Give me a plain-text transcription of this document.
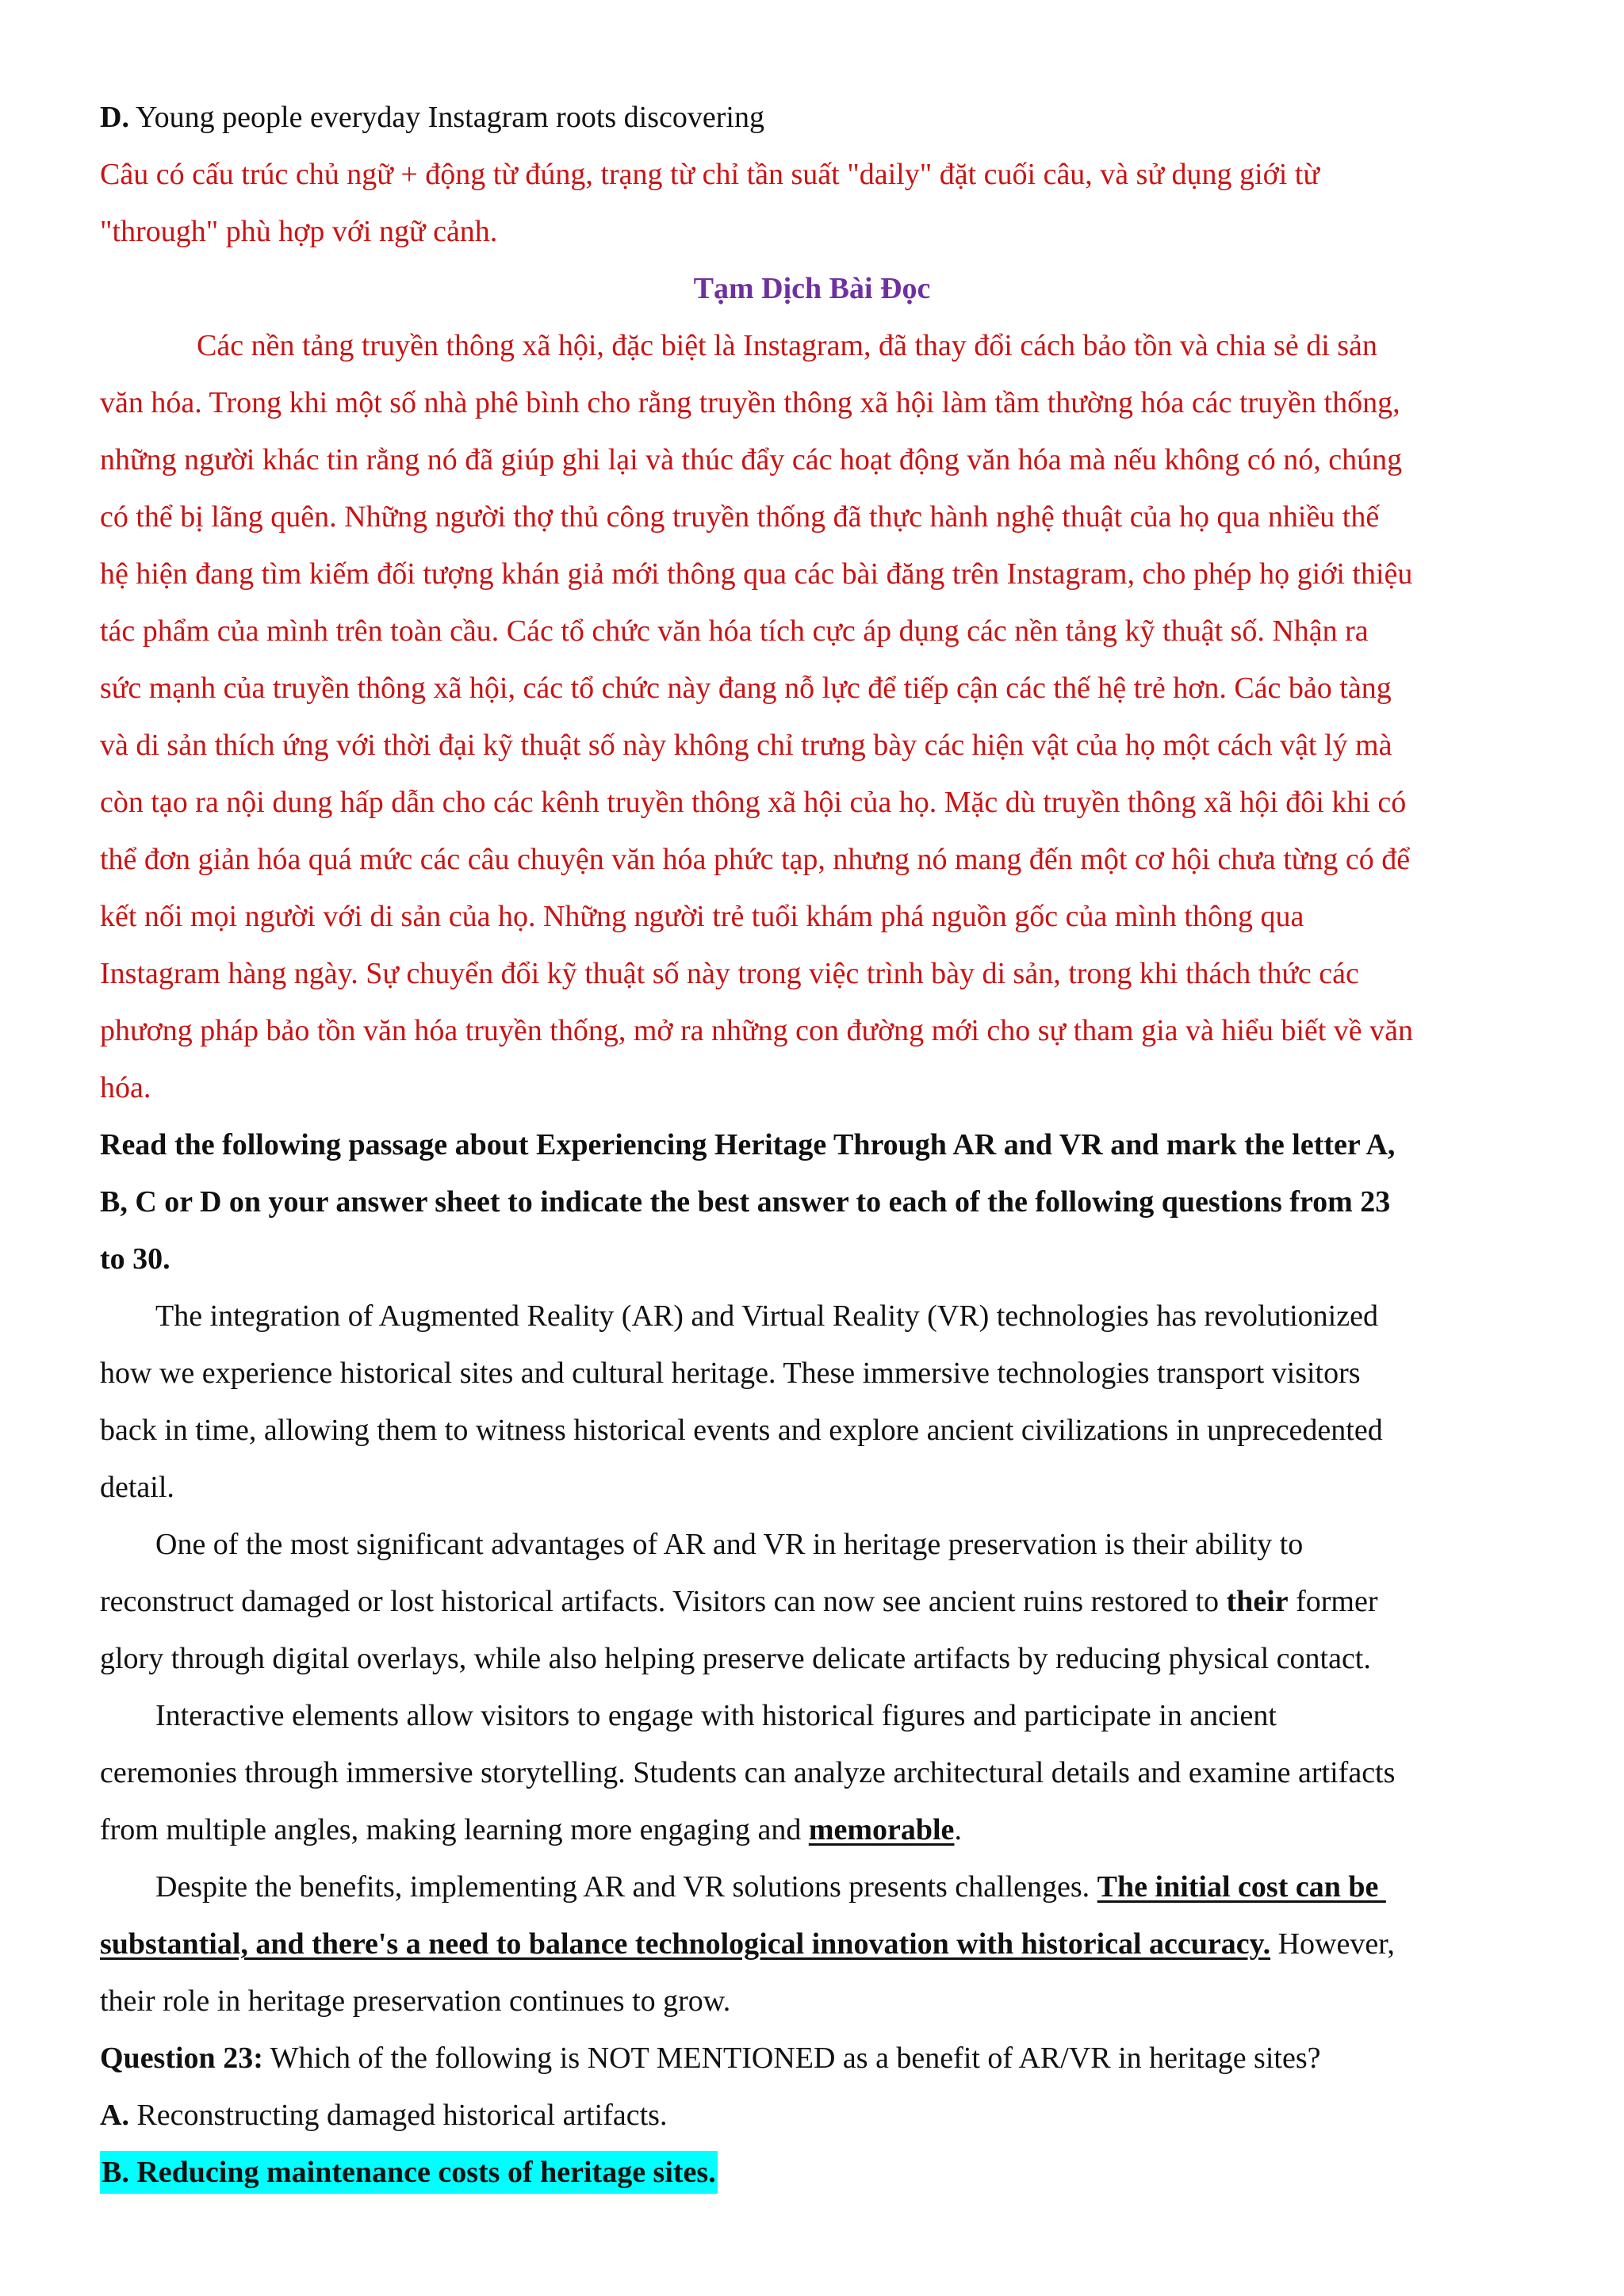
D. Young people everyday Instagram roots discovering
Câu có cấu trúc chủ ngữ + động từ đúng, trạng từ chỉ tần suất "daily" đặt cuối câu, và sử dụng giới từ
"through" phù hợp với ngữ cảnh.
Tạm Dịch Bài Đọc
Các nền tảng truyền thông xã hội, đặc biệt là Instagram, đã thay đổi cách bảo tồn và chia sẻ di sản
văn hóa. Trong khi một số nhà phê bình cho rằng truyền thông xã hội làm tầm thường hóa các truyền thống,
những người khác tin rằng nó đã giúp ghi lại và thúc đẩy các hoạt động văn hóa mà nếu không có nó, chúng
có thể bị lãng quên. Những người thợ thủ công truyền thống đã thực hành nghệ thuật của họ qua nhiều thế
hệ hiện đang tìm kiếm đối tượng khán giả mới thông qua các bài đăng trên Instagram, cho phép họ giới thiệu
tác phẩm của mình trên toàn cầu. Các tổ chức văn hóa tích cực áp dụng các nền tảng kỹ thuật số. Nhận ra
sức mạnh của truyền thông xã hội, các tổ chức này đang nỗ lực để tiếp cận các thế hệ trẻ hơn. Các bảo tàng
và di sản thích ứng với thời đại kỹ thuật số này không chỉ trưng bày các hiện vật của họ một cách vật lý mà
còn tạo ra nội dung hấp dẫn cho các kênh truyền thông xã hội của họ. Mặc dù truyền thông xã hội đôi khi có
thể đơn giản hóa quá mức các câu chuyện văn hóa phức tạp, nhưng nó mang đến một cơ hội chưa từng có để
kết nối mọi người với di sản của họ. Những người trẻ tuổi khám phá nguồn gốc của mình thông qua
Instagram hàng ngày. Sự chuyển đổi kỹ thuật số này trong việc trình bày di sản, trong khi thách thức các
phương pháp bảo tồn văn hóa truyền thống, mở ra những con đường mới cho sự tham gia và hiểu biết về văn
hóa.
Read the following passage about Experiencing Heritage Through AR and VR and mark the letter A,
B, C or D on your answer sheet to indicate the best answer to each of the following questions from 23
to 30.
The integration of Augmented Reality (AR) and Virtual Reality (VR) technologies has revolutionized
how we experience historical sites and cultural heritage. These immersive technologies transport visitors
back in time, allowing them to witness historical events and explore ancient civilizations in unprecedented
detail.
One of the most significant advantages of AR and VR in heritage preservation is their ability to
reconstruct damaged or lost historical artifacts. Visitors can now see ancient ruins restored to their former
glory through digital overlays, while also helping preserve delicate artifacts by reducing physical contact.
Interactive elements allow visitors to engage with historical figures and participate in ancient
ceremonies through immersive storytelling. Students can analyze architectural details and examine artifacts
from multiple angles, making learning more engaging and memorable.
Despite the benefits, implementing AR and VR solutions presents challenges. The initial cost can be
substantial, and there's a need to balance technological innovation with historical accuracy. However,
their role in heritage preservation continues to grow.
Question 23: Which of the following is NOT MENTIONED as a benefit of AR/VR in heritage sites?
A. Reconstructing damaged historical artifacts.
B. Reducing maintenance costs of heritage sites.
